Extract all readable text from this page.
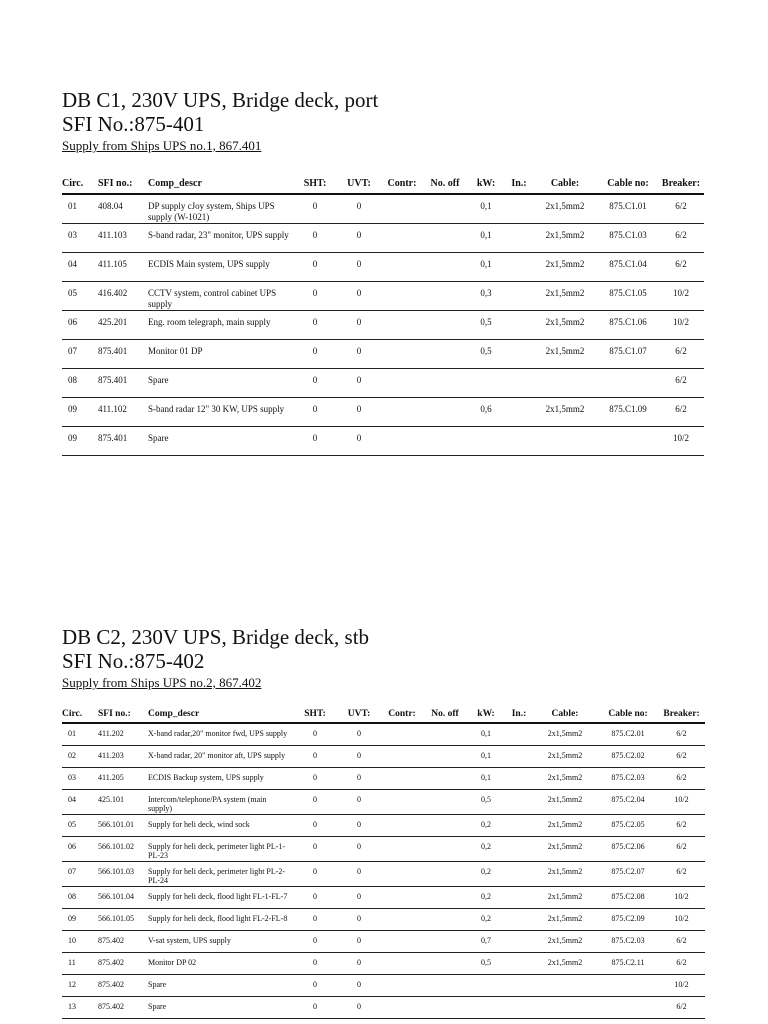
DB C1, 230V UPS, Bridge deck, port
SFI No.:875-401
Supply from Ships UPS no.1, 867.401
Circ.	SFI no.:	Comp_descr	SHT:	UVT:	Contr:	No. off	kW:	In.:	Cable:	Cable no:	Breaker:
01	408.04	DP supply cJoy system, Ships UPS supply (W-1021)	0	0			0,1		2x1,5mm2	875.C1.01	6/2
03	411.103	S-band radar, 23" monitor, UPS supply	0	0			0,1		2x1,5mm2	875.C1.03	6/2
04	411.105	ECDIS Main system, UPS supply	0	0			0,1		2x1,5mm2	875.C1.04	6/2
05	416.402	CCTV system, control cabinet UPS supply	0	0			0,3		2x1,5mm2	875.C1.05	10/2
06	425.201	Eng. room telegraph, main supply	0	0			0,5		2x1,5mm2	875.C1.06	10/2
07	875.401	Monitor 01 DP	0	0			0,5		2x1,5mm2	875.C1.07	6/2
08	875.401	Spare	0	0							6/2
09	411.102	S-band radar 12" 30 KW, UPS supply	0	0			0,6		2x1,5mm2	875.C1.09	6/2
09	875.401	Spare	0	0							10/2
DB C2, 230V UPS, Bridge deck, stb
SFI No.:875-402
Supply from Ships UPS no.2, 867.402
Circ.	SFI no.:	Comp_descr	SHT:	UVT:	Contr:	No. off	kW:	In.:	Cable:	Cable no:	Breaker:
01	411.202	X-band radar,20" monitor fwd, UPS supply	0	0			0,1		2x1,5mm2	875.C2.01	6/2
02	411.203	X-band radar, 20" monitor aft, UPS supply	0	0			0,1		2x1,5mm2	875.C2.02	6/2
03	411.205	ECDIS Backup system, UPS supply	0	0			0,1		2x1,5mm2	875.C2.03	6/2
04	425.101	Intercom/telephone/PA system (main supply)	0	0			0,5		2x1,5mm2	875.C2.04	10/2
05	566.101.01	Supply for heli deck, wind sock	0	0			0,2		2x1,5mm2	875.C2.05	6/2
06	566.101.02	Supply for heli deck, perimeter light PL-1-PL-23	0	0			0,2		2x1,5mm2	875.C2.06	6/2
07	566.101.03	Supply for heli deck, perimeter light PL-2-PL-24	0	0			0,2		2x1,5mm2	875.C2.07	6/2
08	566.101.04	Supply for heli deck, flood light FL-1-FL-7	0	0			0,2		2x1,5mm2	875.C2.08	10/2
09	566.101.05	Supply for heli deck, flood light FL-2-FL-8	0	0			0,2		2x1,5mm2	875.C2.09	10/2
10	875.402	V-sat system, UPS supply	0	0			0,7		2x1,5mm2	875.C2.03	6/2
11	875.402	Monitor DP 02	0	0			0,5		2x1,5mm2	875.C2.11	6/2
12	875.402	Spare	0	0							10/2
13	875.402	Spare	0	0							6/2
